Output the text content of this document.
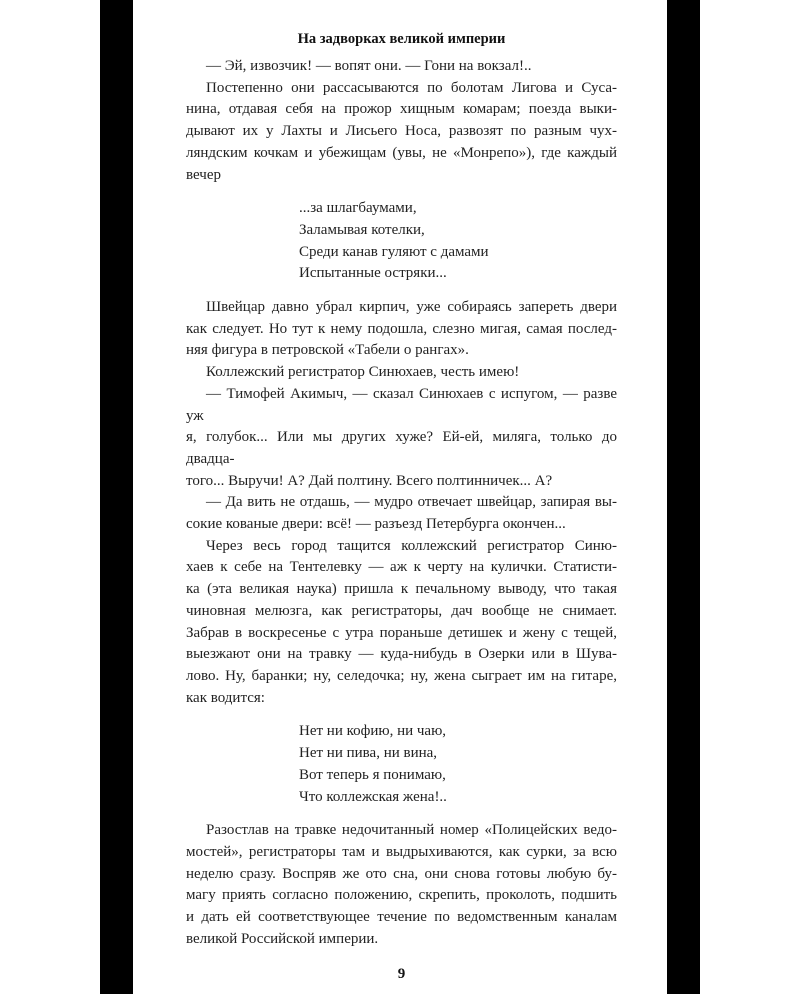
На задворках великой империи
— Эй, извозчик! — вопят они. — Гони на вокзал!..
Постепенно они рассасываются по болотам Лигова и Суса-
нина, отдавая себя на прожор хищным комарам; поезда выки-
дывают их у Лахты и Лисьего Носа, развозят по разным чух-
ляндским кочкам и убежищам (увы, не «Монрепо»), где каждый
вечер
...за шлагбаумами,
Заламывая котелки,
Среди канав гуляют с дамами
Испытанные остряки...
Швейцар давно убрал кирпич, уже собираясь запереть двери
как следует. Но тут к нему подошла, слезно мигая, самая послед-
няя фигура в петровской «Табели о рангах».
Коллежский регистратор Синюхаев, честь имею!
— Тимофей Акимыч, — сказал Синюхаев с испугом, — разве уж
я, голубок... Или мы других хуже? Ей-ей, миляга, только до двадца-
того... Выручи! А? Дай полтину. Всего полтинничек... А?
— Да вить не отдашь, — мудро отвечает швейцар, запирая вы-
сокие кованые двери: всё! — разъезд Петербурга окончен...
Через весь город тащится коллежский регистратор Синю-
хаев к себе на Тентелевку — аж к черту на кулички. Статисти-
ка (эта великая наука) пришла к печальному выводу, что такая
чиновная мелюзга, как регистраторы, дач вообще не снимает.
Забрав в воскресенье с утра пораньше детишек и жену с тещей,
выезжают они на травку — куда-нибудь в Озерки или в Шува-
лово. Ну, баранки; ну, селедочка; ну, жена сыграет им на гитаре,
как водится:
Нет ни кофию, ни чаю,
Нет ни пива, ни вина,
Вот теперь я понимаю,
Что коллежская жена!..
Разостлав на травке недочитанный номер «Полицейских ведо-
мостей», регистраторы там и выдрыхиваются, как сурки, за всю
неделю сразу. Воспряв же ото сна, они снова готовы любую бу-
магу приять согласно положению, скрепить, проколоть, подшить
и дать ей соответствующее течение по ведомственным каналам
великой Российской империи.
9
